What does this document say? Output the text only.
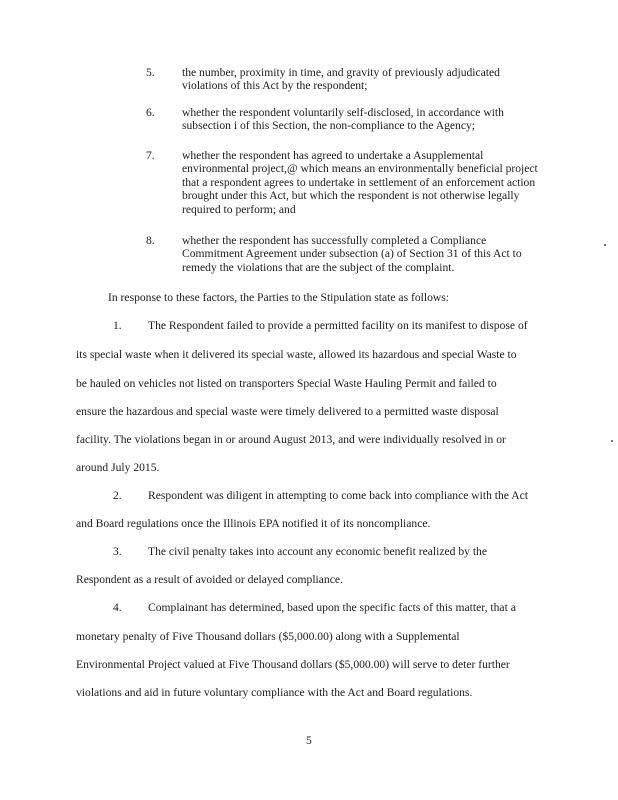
5. the number, proximity in time, and gravity of previously adjudicated violations of this Act by the respondent;
6. whether the respondent voluntarily self-disclosed, in accordance with subsection i of this Section, the non-compliance to the Agency;
7. whether the respondent has agreed to undertake a Asupplemental environmental project,@ which means an environmentally beneficial project that a respondent agrees to undertake in settlement of an enforcement action brought under this Act, but which the respondent is not otherwise legally required to perform; and
8. whether the respondent has successfully completed a Compliance Commitment Agreement under subsection (a) of Section 31 of this Act to remedy the violations that are the subject of the complaint.
In response to these factors, the Parties to the Stipulation state as follows:
1. The Respondent failed to provide a permitted facility on its manifest to dispose of
its special waste when it delivered its special waste, allowed its hazardous and special Waste to
be hauled on vehicles not listed on transporters Special Waste Hauling Permit and failed to
ensure the hazardous and special waste were timely delivered to a permitted waste disposal
facility. The violations began in or around August 2013, and were individually resolved in or
around July 2015.
2. Respondent was diligent in attempting to come back into compliance with the Act
and Board regulations once the Illinois EPA notified it of its noncompliance.
3. The civil penalty takes into account any economic benefit realized by the
Respondent as a result of avoided or delayed compliance.
4. Complainant has determined, based upon the specific facts of this matter, that a
monetary penalty of Five Thousand dollars ($5,000.00) along with a Supplemental
Environmental Project valued at Five Thousand dollars ($5,000.00) will serve to deter further
violations and aid in future voluntary compliance with the Act and Board regulations.
5
